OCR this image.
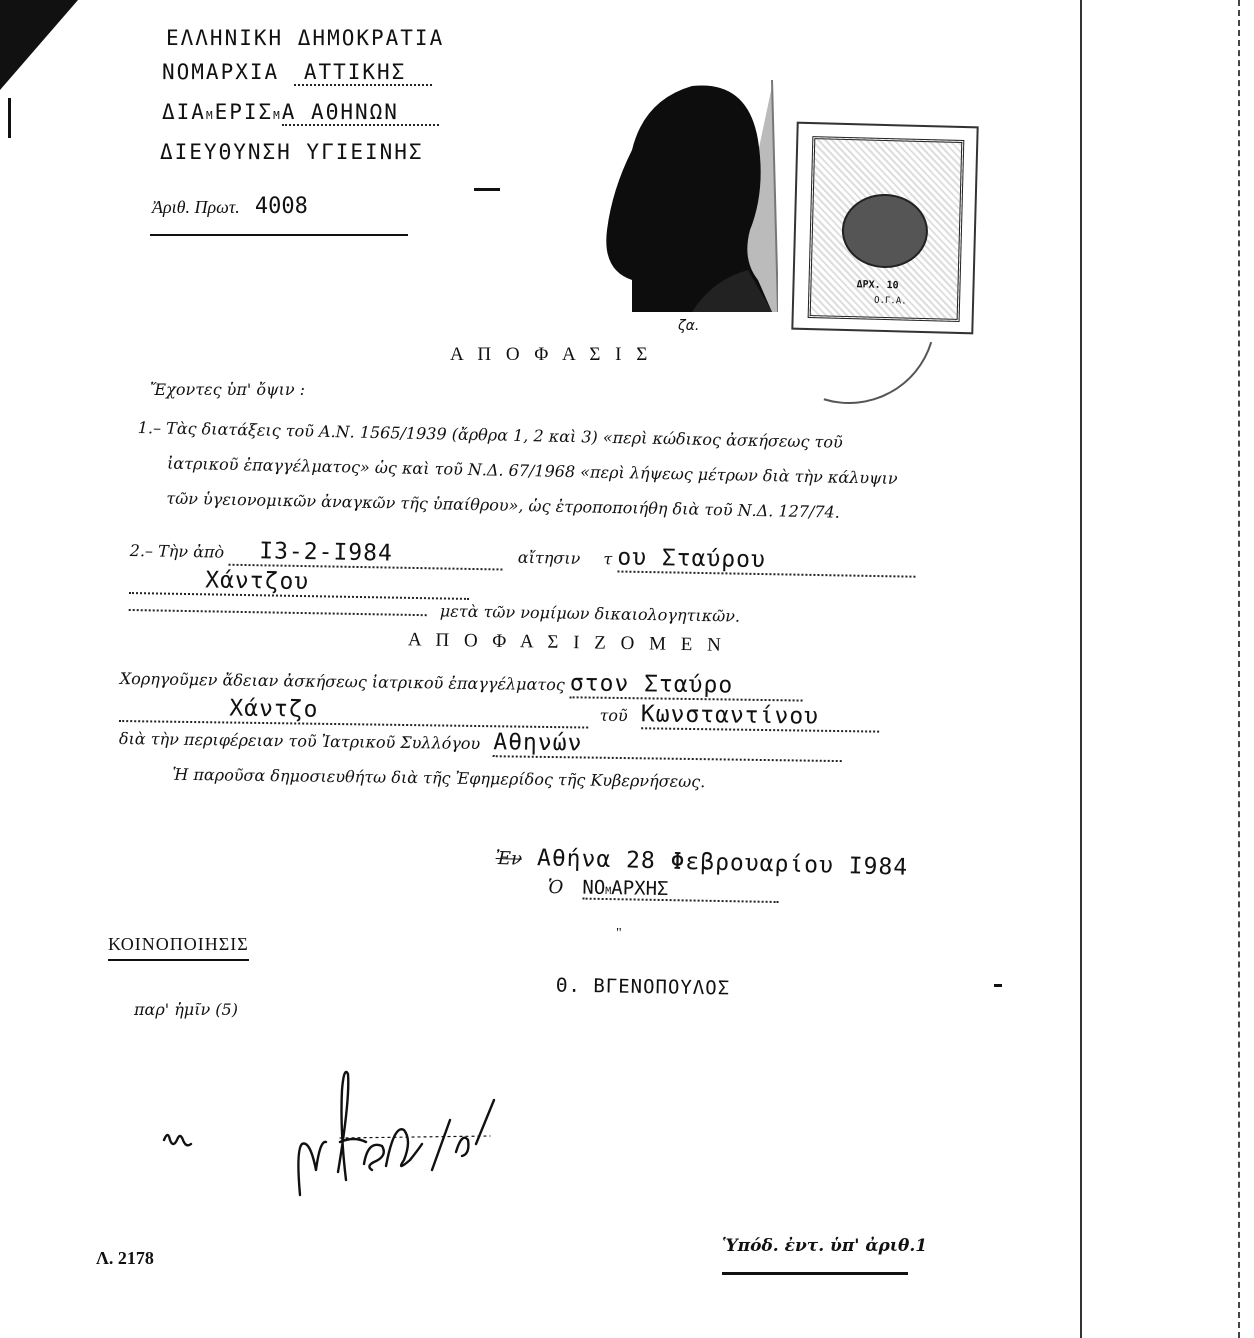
ΕΛΛΗΝΙΚΗ ΔΗΜΟΚΡΑΤΙΑ
ΝΟΜΑΡΧΙΑ ΑΤΤΙΚΗΣ
ΔΙΑΜΕΡΙΣΜΑ ΑΘΗΝΩΝ
ΔΙΕΥΘΥΝΣΗ ΥΓΙΕΙΝΗΣ
Ἀριθ. Πρωτ. 4008
ζα.
ΔΡΧ. 10
Ο.Γ.Α.
Α Π Ο Φ Α Σ Ι Σ
Ἔχοντες ὑπ' ὄψιν :
1.– Τὰς διατάξεις τοῦ Α.Ν. 1565/1939 (ἄρθρα 1, 2 καὶ 3) «περὶ κώδικος ἀσκήσεως τοῦ
ἰατρικοῦ ἐπαγγέλματος» ὡς καὶ τοῦ Ν.Δ. 67/1968 «περὶ λήψεως μέτρων διὰ τὴν κάλυψιν
τῶν ὑγειονομικῶν ἀναγκῶν τῆς ὑπαίθρου», ὡς ἐτροποποιήθη διὰ τοῦ Ν.Δ. 127/74.
2.– Τὴν ἀπὸ I3-2-I984	αἴτησιν τ ου Σταύρου
Χάντζου
μετὰ τῶν νομίμων δικαιολογητικῶν.
Α Π Ο Φ Α Σ Ι Ζ Ο Μ Ε Ν
Χορηγοῦμεν ἄδειαν ἀσκήσεως ἰατρικοῦ ἐπαγγέλματος στον Σταύρο
Χάντζο	τοῦ Κωνσταντίνου
διὰ τὴν περιφέρειαν τοῦ Ἰατρικοῦ Συλλόγου Αθηνών
Ἡ παροῦσα δημοσιευθήτω διὰ τῆς Ἐφημερίδος τῆς Κυβερνήσεως.
Ἐν Αθήνα 28 Φεβρουαρίου I984
Ὁ ΝΟΜΑΡΧΗΣ
"
Θ. ΒΓΕΝΟΠΟΥΛΟΣ
ΚΟΙΝΟΠΟΙΗΣΙΣ
παρ' ἡμῖν (5)
Λ. 2178
Ὑπόδ. ἐντ. ὑπ' ἀριθ.1
